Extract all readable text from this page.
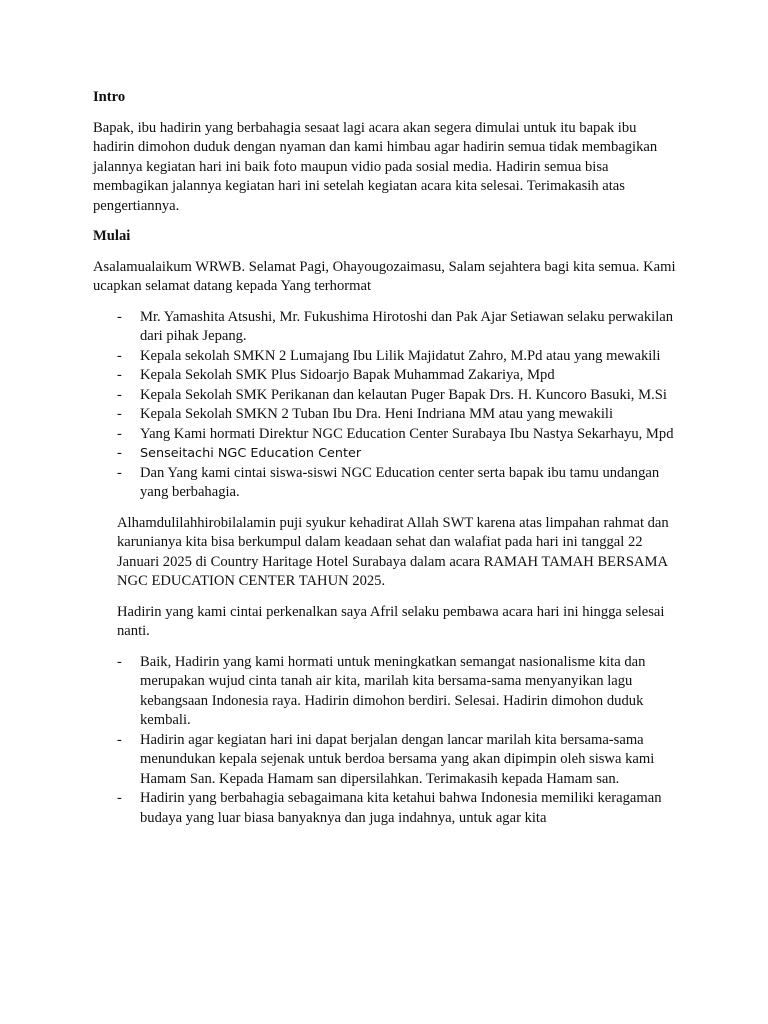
Intro

Bapak, ibu hadirin yang berbahagia sesaat lagi acara akan segera dimulai untuk itu bapak ibu hadirin dimohon duduk dengan nyaman dan kami himbau agar hadirin semua tidak membagikan jalannya kegiatan hari ini baik foto maupun vidio pada sosial media. Hadirin semua bisa membagikan jalannya kegiatan hari ini setelah kegiatan acara kita selesai. Terimakasih atas pengertiannya.

Mulai

Asalamualaikum WRWB. Selamat Pagi, Ohayougozaimasu, Salam sejahtera bagi kita semua. Kami ucapkan selamat datang kepada Yang terhormat

- Mr. Yamashita Atsushi, Mr. Fukushima Hirotoshi dan Pak Ajar Setiawan selaku perwakilan dari pihak Jepang.
- Kepala sekolah SMKN 2 Lumajang Ibu Lilik Majidatut Zahro, M.Pd atau yang mewakili
- Kepala Sekolah SMK Plus Sidoarjo Bapak Muhammad Zakariya, Mpd
- Kepala Sekolah SMK Perikanan dan kelautan Puger Bapak Drs. H. Kuncoro Basuki, M.Si
- Kepala Sekolah SMKN 2 Tuban Ibu Dra. Heni Indriana MM atau yang mewakili
- Yang Kami hormati Direktur NGC Education Center Surabaya Ibu Nastya Sekarhayu, Mpd
- Senseitachi NGC Education Center
- Dan Yang kami cintai siswa-siswi NGC Education center serta bapak ibu tamu undangan yang berbahagia.

Alhamdulilahhirobilalamin puji syukur kehadirat Allah SWT karena atas limpahan rahmat dan karunianya kita bisa berkumpul dalam keadaan sehat dan walafiat pada hari ini tanggal 22 Januari 2025 di Country Haritage Hotel Surabaya dalam acara RAMAH TAMAH BERSAMA NGC EDUCATION CENTER TAHUN 2025.

Hadirin yang kami cintai perkenalkan saya Afril selaku pembawa acara hari ini hingga selesai nanti.

- Baik, Hadirin yang kami hormati untuk meningkatkan semangat nasionalisme kita dan merupakan wujud cinta tanah air kita, marilah kita bersama-sama menyanyikan lagu kebangsaan Indonesia raya. Hadirin dimohon berdiri. Selesai. Hadirin dimohon duduk kembali.
- Hadirin agar kegiatan hari ini dapat berjalan dengan lancar marilah kita bersama-sama menundukan kepala sejenak untuk berdoa bersama yang akan dipimpin oleh siswa kami Hamam San. Kepada Hamam san dipersilahkan. Terimakasih kepada Hamam san.
- Hadirin yang berbahagia sebagaimana kita ketahui bahwa Indonesia memiliki keragaman budaya yang luar biasa banyaknya dan juga indahnya, untuk agar kita
